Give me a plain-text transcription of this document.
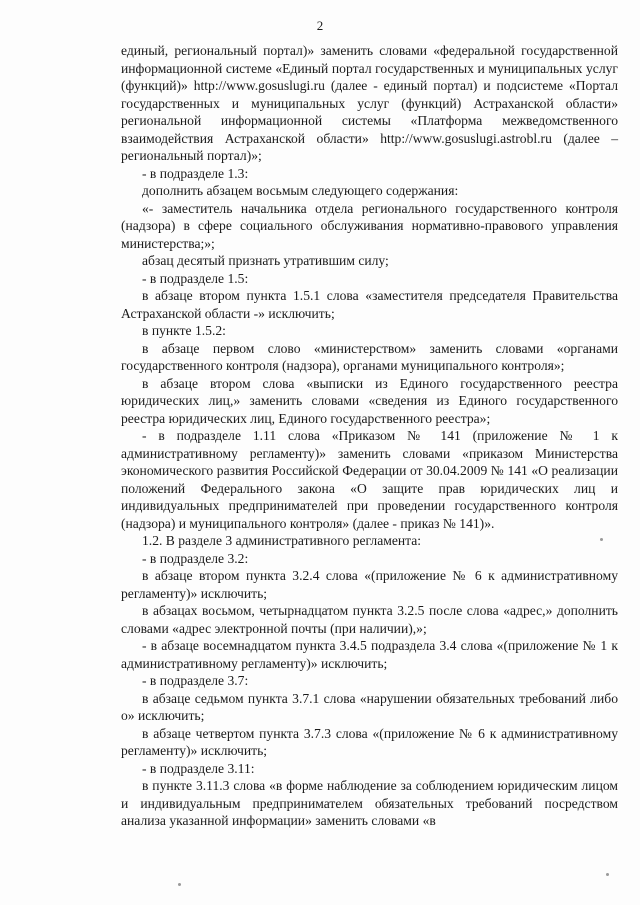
2

единый, региональный портал)» заменить словами «федеральной государственной информационной системе «Единый портал государственных и муниципальных услуг (функций)» http://www.gosuslugi.ru (далее - единый портал) и подсистеме «Портал государственных и муниципальных услуг (функций) Астраханской области» региональной информационной системы «Платформа межведомственного взаимодействия Астраханской области» http://www.gosuslugi.astrobl.ru (далее – региональный портал)»;

- в подразделе 1.3:

дополнить абзацем восьмым следующего содержания:

«- заместитель начальника отдела регионального государственного контроля (надзора) в сфере социального обслуживания нормативно-правового управления министерства;»;

абзац десятый признать утратившим силу;

- в подразделе 1.5:

в абзаце втором пункта 1.5.1 слова «заместителя председателя Правительства Астраханской области -» исключить;

в пункте 1.5.2:

в абзаце первом слово «министерством» заменить словами «органами государственного контроля (надзора), органами муниципального контроля»;

в абзаце втором слова «выписки из Единого государственного реестра юридических лиц,» заменить словами «сведения из Единого государственного реестра юридических лиц, Единого государственного реестра»;

- в подразделе 1.11 слова «Приказом № 141 (приложение № 1 к административному регламенту)» заменить словами «приказом Министерства экономического развития Российской Федерации от 30.04.2009 № 141 «О реализации положений Федерального закона «О защите прав юридических лиц и индивидуальных предпринимателей при проведении государственного контроля (надзора) и муниципального контроля» (далее - приказ № 141)».

1.2. В разделе 3 административного регламента:

- в подразделе 3.2:

в абзаце втором пункта 3.2.4 слова «(приложение № 6 к административному регламенту)» исключить;

в абзацах восьмом, четырнадцатом пункта 3.2.5 после слова «адрес,» дополнить словами «адрес электронной почты (при наличии),»;

- в абзаце восемнадцатом пункта 3.4.5 подраздела 3.4 слова «(приложение № 1 к административному регламенту)» исключить;

- в подразделе 3.7:

в абзаце седьмом пункта 3.7.1 слова «нарушении обязательных требований либо о» исключить;

в абзаце четвертом пункта 3.7.3 слова «(приложение № 6 к административному регламенту)» исключить;

- в подразделе 3.11:

в пункте 3.11.3 слова «в форме наблюдение за соблюдением юридическим лицом и индивидуальным предпринимателем обязательных требований посредством анализа указанной информации» заменить словами «в
